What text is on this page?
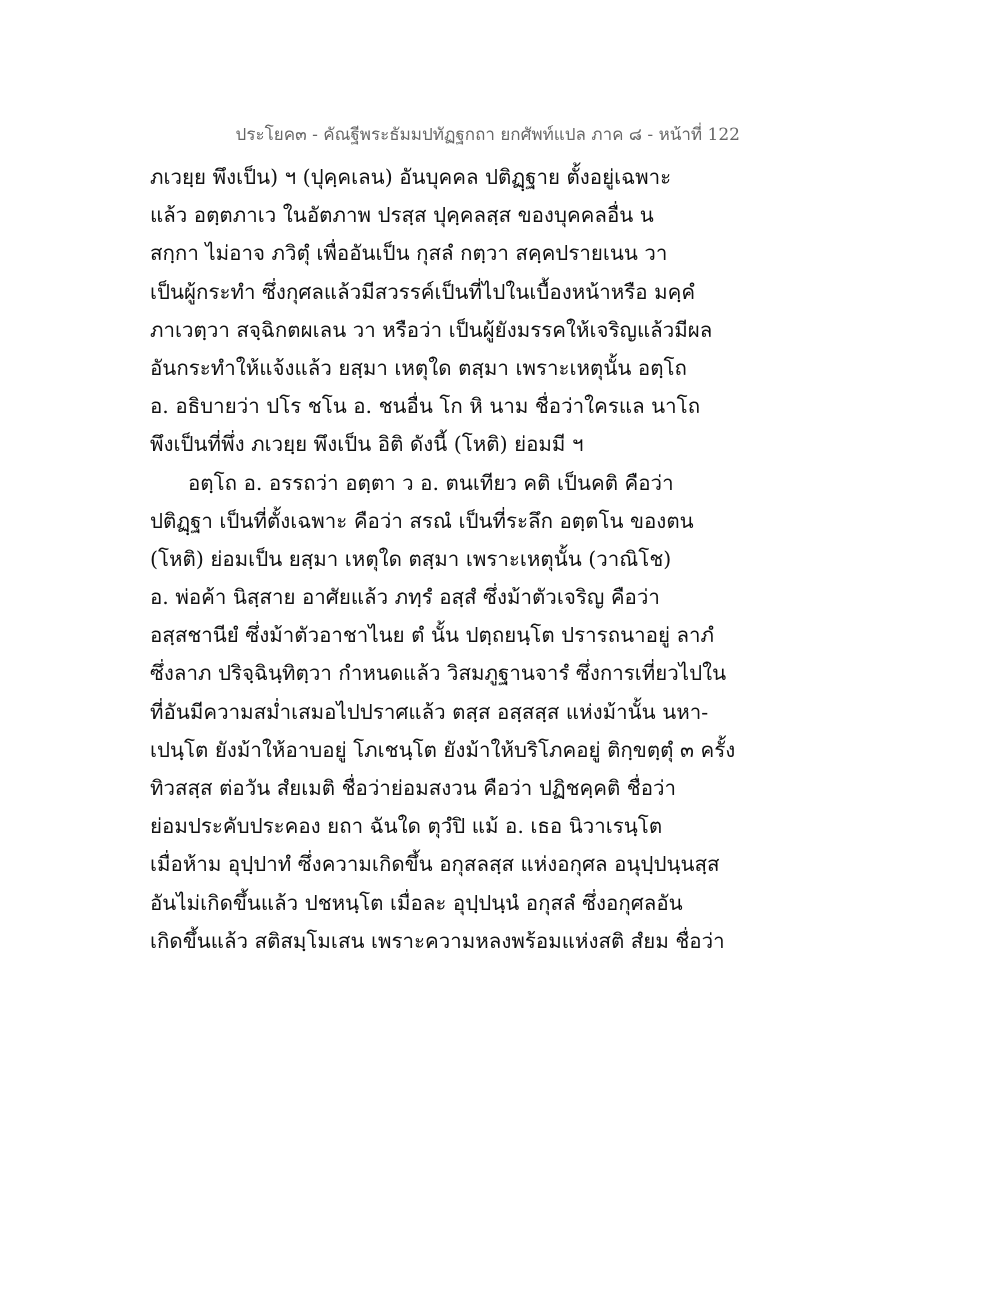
ประโยค๓ - คัณฐีพระธัมมปทัฏฐกถา ยกศัพท์แปล ภาค ๘ - หน้าที่ 122
ภเวยฺย พึงเป็น) ฯ (ปุคฺคเลน) อันบุคคล ปติฏฺฐาย ตั้งอยู่เฉพาะ
แล้ว อตฺตภาเว ในอัตภาพ ปรสฺส ปุคฺคลสฺส ของบุคคลอื่น น
สกฺกา ไม่อาจ ภวิตุํ เพื่ออันเป็น กุสลํ กตฺวา สคฺคปรายเนน วา
เป็นผู้กระทำ ซึ่งกุศลแล้วมีสวรรค์เป็นที่ไปในเบื้องหน้าหรือ มคฺคํ
ภาเวตฺวา สจฺฉิกตผเลน วา หรือว่า เป็นผู้ยังมรรคให้เจริญแล้วมีผล
อันกระทำให้แจ้งแล้ว ยสฺมา เหตุใด ตสฺมา เพราะเหตุนั้น อตฺโถ
อ. อธิบายว่า ปโร ชโน อ. ชนอื่น โก หิ นาม ชื่อว่าใครแล นาโถ
พึงเป็นที่พึ่ง ภเวยฺย พึงเป็น อิติ ดังนี้ (โหติ) ย่อมมี ฯ
อตฺโถ อ. อรรถว่า อตฺตา ว อ. ตนเทียว คติ เป็นคติ คือว่า
ปติฏฺฐา เป็นที่ตั้งเฉพาะ คือว่า สรณํ เป็นที่ระลึก อตฺตโน ของตน
(โหติ) ย่อมเป็น ยสฺมา เหตุใด ตสฺมา เพราะเหตุนั้น (วาณิโช)
อ. พ่อค้า นิสฺสาย อาศัยแล้ว ภทฺรํ อสฺสํ ซึ่งม้าตัวเจริญ คือว่า
อสฺสชานียํ ซึ่งม้าตัวอาชาไนย ตํ นั้น ปตฺถยนฺโต ปรารถนาอยู่ ลาภํ
ซึ่งลาภ ปริจฺฉินฺทิตฺวา กำหนดแล้ว วิสมภูฐานจารํ ซึ่งการเที่ยวไปใน
ที่อันมีความสม่ำเสมอไปปราศแล้ว ตสฺส อสฺสสฺส แห่งม้านั้น นหา-
เปนฺโต ยังม้าให้อาบอยู่ โภเชนฺโต ยังม้าให้บริโภคอยู่ ติกฺขตฺตุํ ๓ ครั้ง
ทิวสสฺส ต่อวัน สํยเมติ ชื่อว่าย่อมสงวน คือว่า ปฏิชคฺคติ ชื่อว่า
ย่อมประคับประคอง ยถา ฉันใด ตุวํปิ แม้ อ. เธอ นิวาเรนฺโต
เมื่อห้าม อุปฺปาทํ ซึ่งความเกิดขึ้น อกุสลสฺส แห่งอกุศล อนุปฺปนฺนสฺส
อันไม่เกิดขึ้นแล้ว ปชหนฺโต เมื่อละ อุปฺปนฺนํ อกุสลํ ซึ่งอกุศลอัน
เกิดขึ้นแล้ว สติสมฺโมเสน เพราะความหลงพร้อมแห่งสติ สํยม ชื่อว่า
